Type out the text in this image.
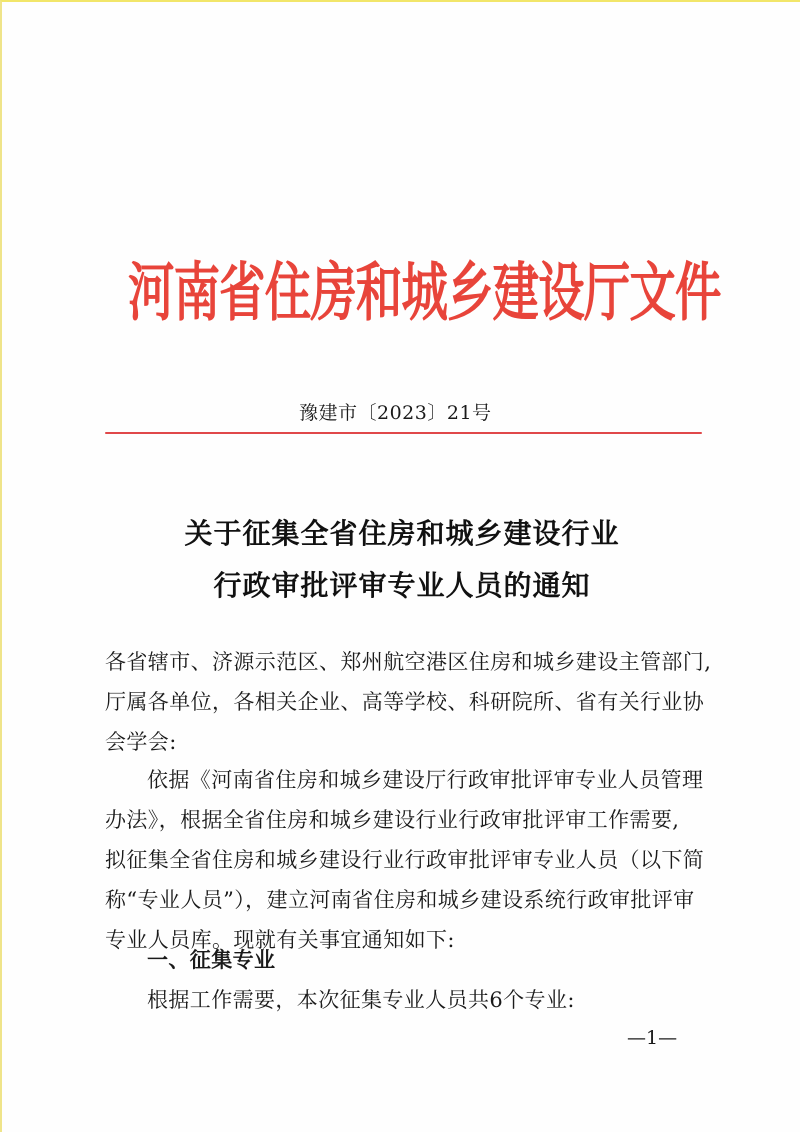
河南省住房和城乡建设厅文件
豫建市〔2023〕21号
关于征集全省住房和城乡建设行业
行政审批评审专业人员的通知
各省辖市、济源示范区、郑州航空港区住房和城乡建设主管部门,
厅属各单位，各相关企业、高等学校、科研院所、省有关行业协
会学会:
依据《河南省住房和城乡建设厅行政审批评审专业人员管理
办法》，根据全省住房和城乡建设行业行政审批评审工作需要,
拟征集全省住房和城乡建设行业行政审批评审专业人员（以下简
称“专业人员”），建立河南省住房和城乡建设系统行政审批评审
专业人员库。现就有关事宜通知如下:
一、征集专业
根据工作需要，本次征集专业人员共6个专业:
—1—
